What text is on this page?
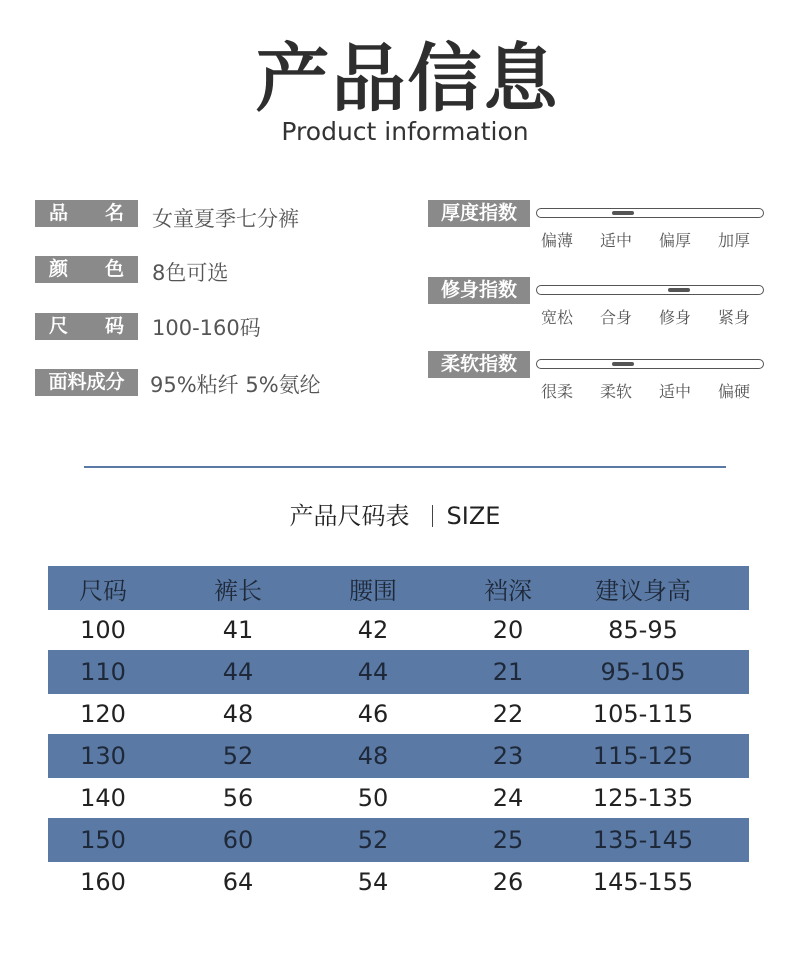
产品信息
Product information
品 名	女童夏季七分裤
颜 色	8色可选
尺 码	100-160码
面料成分	95%粘纤 5%氨纶
厚度指数
偏薄 适中 偏厚 加厚
修身指数
宽松 合身 修身 紧身
柔软指数
很柔 柔软 适中 偏硬
产品尺码表 SIZE
尺码	裤长	腰围	裆深	建议身高
100	41	42	20	85-95
110	44	44	21	95-105
120	48	46	22	105-115
130	52	48	23	115-125
140	56	50	24	125-135
150	60	52	25	135-145
160	64	54	26	145-155
